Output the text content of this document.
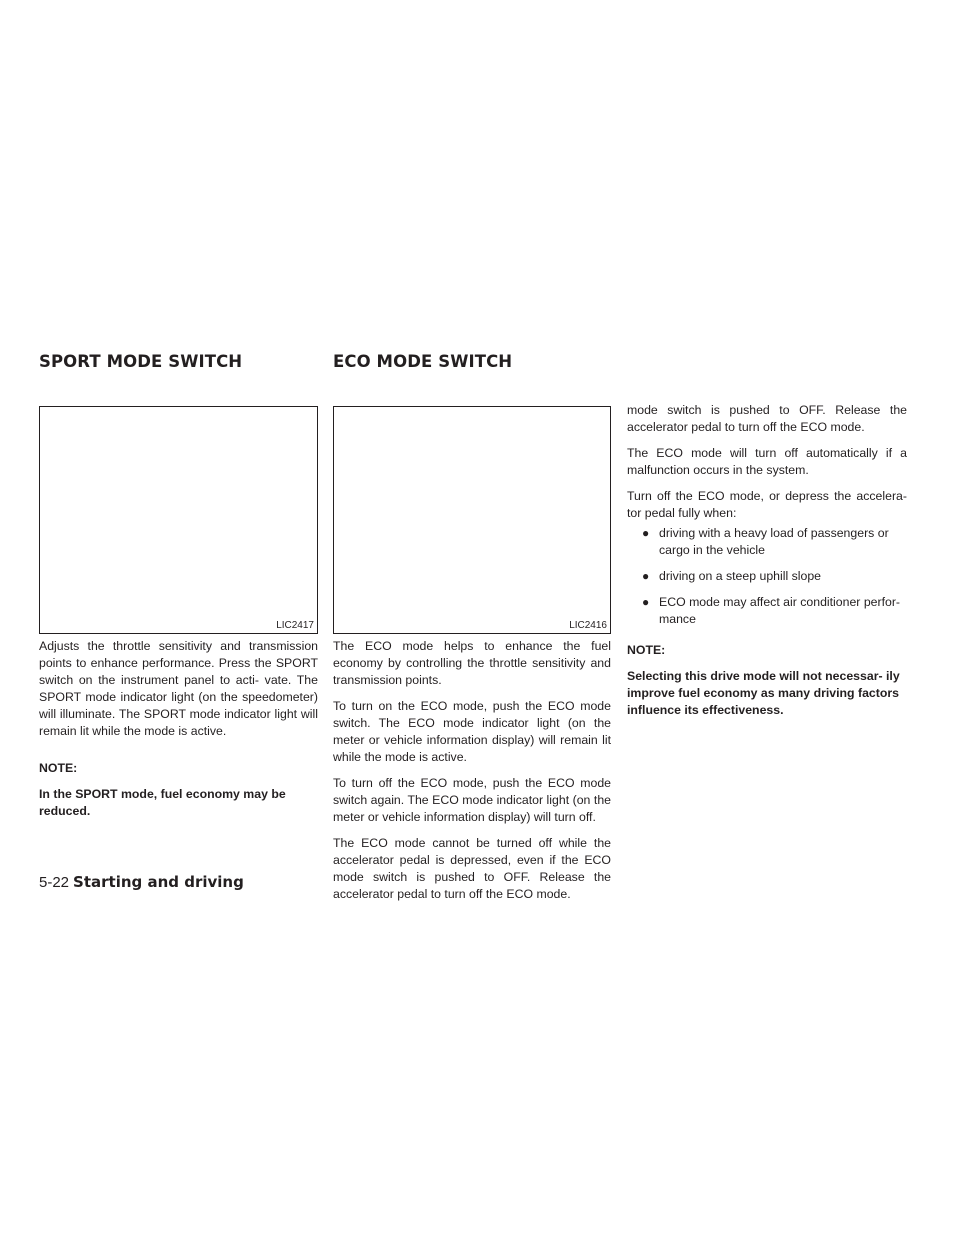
SPORT MODE SWITCH	ECO MODE SWITCH
LIC2417	LIC2416

Adjusts the throttle sensitivity and transmission points to enhance performance. Press the SPORT switch on the instrument panel to acti- vate. The SPORT mode indicator light (on the speedometer) will illuminate. The SPORT mode indicator light will remain lit while the mode is active.

NOTE:

In the SPORT mode, fuel economy may be reduced.

The ECO mode helps to enhance the fuel economy by controlling the throttle sensitivity and transmission points.

To turn on the ECO mode, push the ECO mode switch. The ECO mode indicator light (on the meter or vehicle information display) will remain lit while the mode is active.

To turn off the ECO mode, push the ECO mode switch again. The ECO mode indicator light (on the meter or vehicle information display) will turn off.

The ECO mode cannot be turned off while the accelerator pedal is depressed, even if the ECO mode switch is pushed to OFF. Release the accelerator pedal to turn off the ECO mode.

mode switch is pushed to OFF. Release the accelerator pedal to turn off the ECO mode.

The ECO mode will turn off automatically if a malfunction occurs in the system.

Turn off the ECO mode, or depress the accelera- tor pedal fully when:

● driving with a heavy load of passengers or cargo in the vehicle
● driving on a steep uphill slope
● ECO mode may affect air conditioner perfor- mance

NOTE:

Selecting this drive mode will not necessar- ily improve fuel economy as many driving factors influence its effectiveness.

5-22 Starting and driving
